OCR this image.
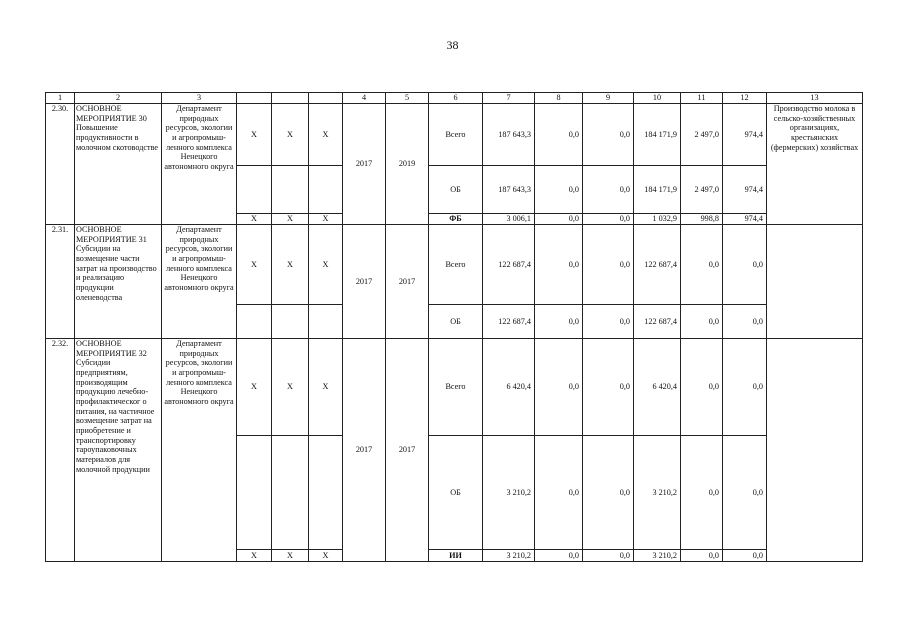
38
1	2	3				4	5	6	7	8	9	10	11	12	13
2.30.	ОСНОВНОЕ МЕРОПРИЯТИЕ 30 Повышение продуктивности в молочном скотоводстве	Департамент природных ресурсов, экологии и агропромыш-ленного комплекса Ненецкого автономного округа	X	X	X	2017	2019	Всего	187 643,3	0,0	0,0	184 171,9	2 497,0	974,4	Производство молока в сельско-хозяйственных организациях, крестьянских (фермерских) хозяйствах
								ОБ	187 643,3	0,0	0,0	184 171,9	2 497,0	974,4	
			X	X	X			ФБ	3 006,1	0,0	0,0	1 032,9	998,8	974,4	
2.31.	ОСНОВНОЕ МЕРОПРИЯТИЕ 31 Субсидии на возмещение части затрат на производство и реализацию продукции оленеводства	Департамент природных ресурсов, экологии и агропромыш-ленного комплекса Ненецкого автономного округа	X	X	X	2017	2017	Всего	122 687,4	0,0	0,0	122 687,4	0,0	0,0	
								ОБ	122 687,4	0,0	0,0	122 687,4	0,0	0,0	
2.32.	ОСНОВНОЕ МЕРОПРИЯТИЕ 32 Субсидии предприятиям, производящим продукцию лечебно-профилактическог о питания, на частичное возмещение затрат на приобретение и транспортировку тароупаковочных материалов для молочной продукции	Департамент природных ресурсов, экологии и агропромыш-ленного комплекса Ненецкого автономного округа	X	X	X	2017	2017	Всего	6 420,4	0,0	0,0	6 420,4	0,0	0,0	
								ОБ	3 210,2	0,0	0,0	3 210,2	0,0	0,0	
			X	X	X			ИИ	3 210,2	0,0	0,0	3 210,2	0,0	0,0	
